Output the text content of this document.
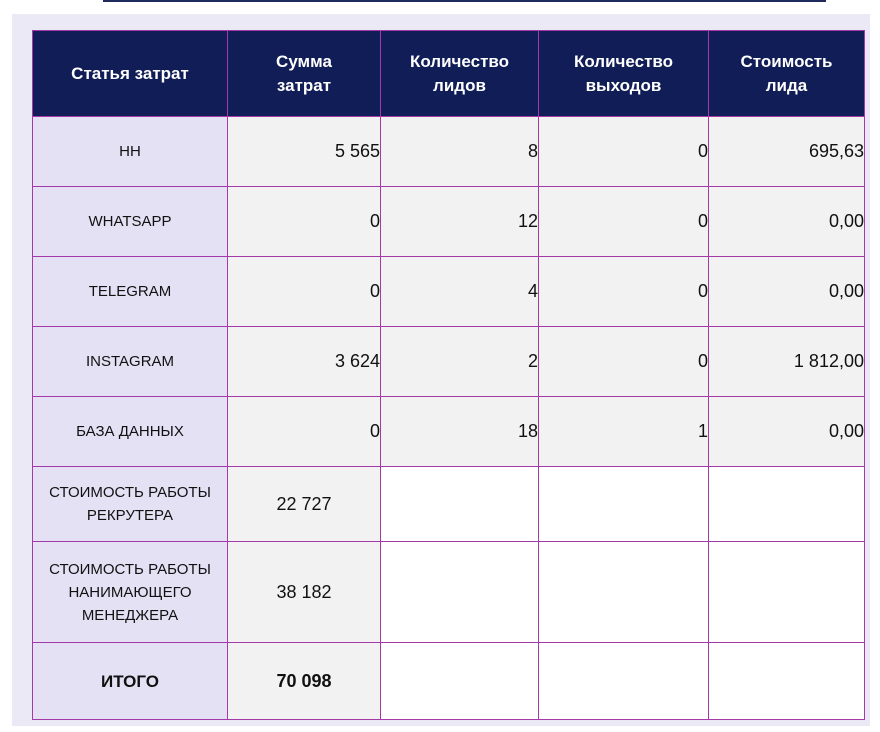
Статья затрат	Сумма затрат	Количество лидов	Количество выходов	Стоимость лида
HH	5 565	8	0	695,63
WHATSAPP	0	12	0	0,00
TELEGRAM	0	4	0	0,00
INSTAGRAM	3 624	2	0	1 812,00
БАЗА ДАННЫХ	0	18	1	0,00
СТОИМОСТЬ РАБОТЫ РЕКРУТЕРА	22 727			
СТОИМОСТЬ РАБОТЫ НАНИМАЮЩЕГО МЕНЕДЖЕРА	38 182			
ИТОГО	70 098			
